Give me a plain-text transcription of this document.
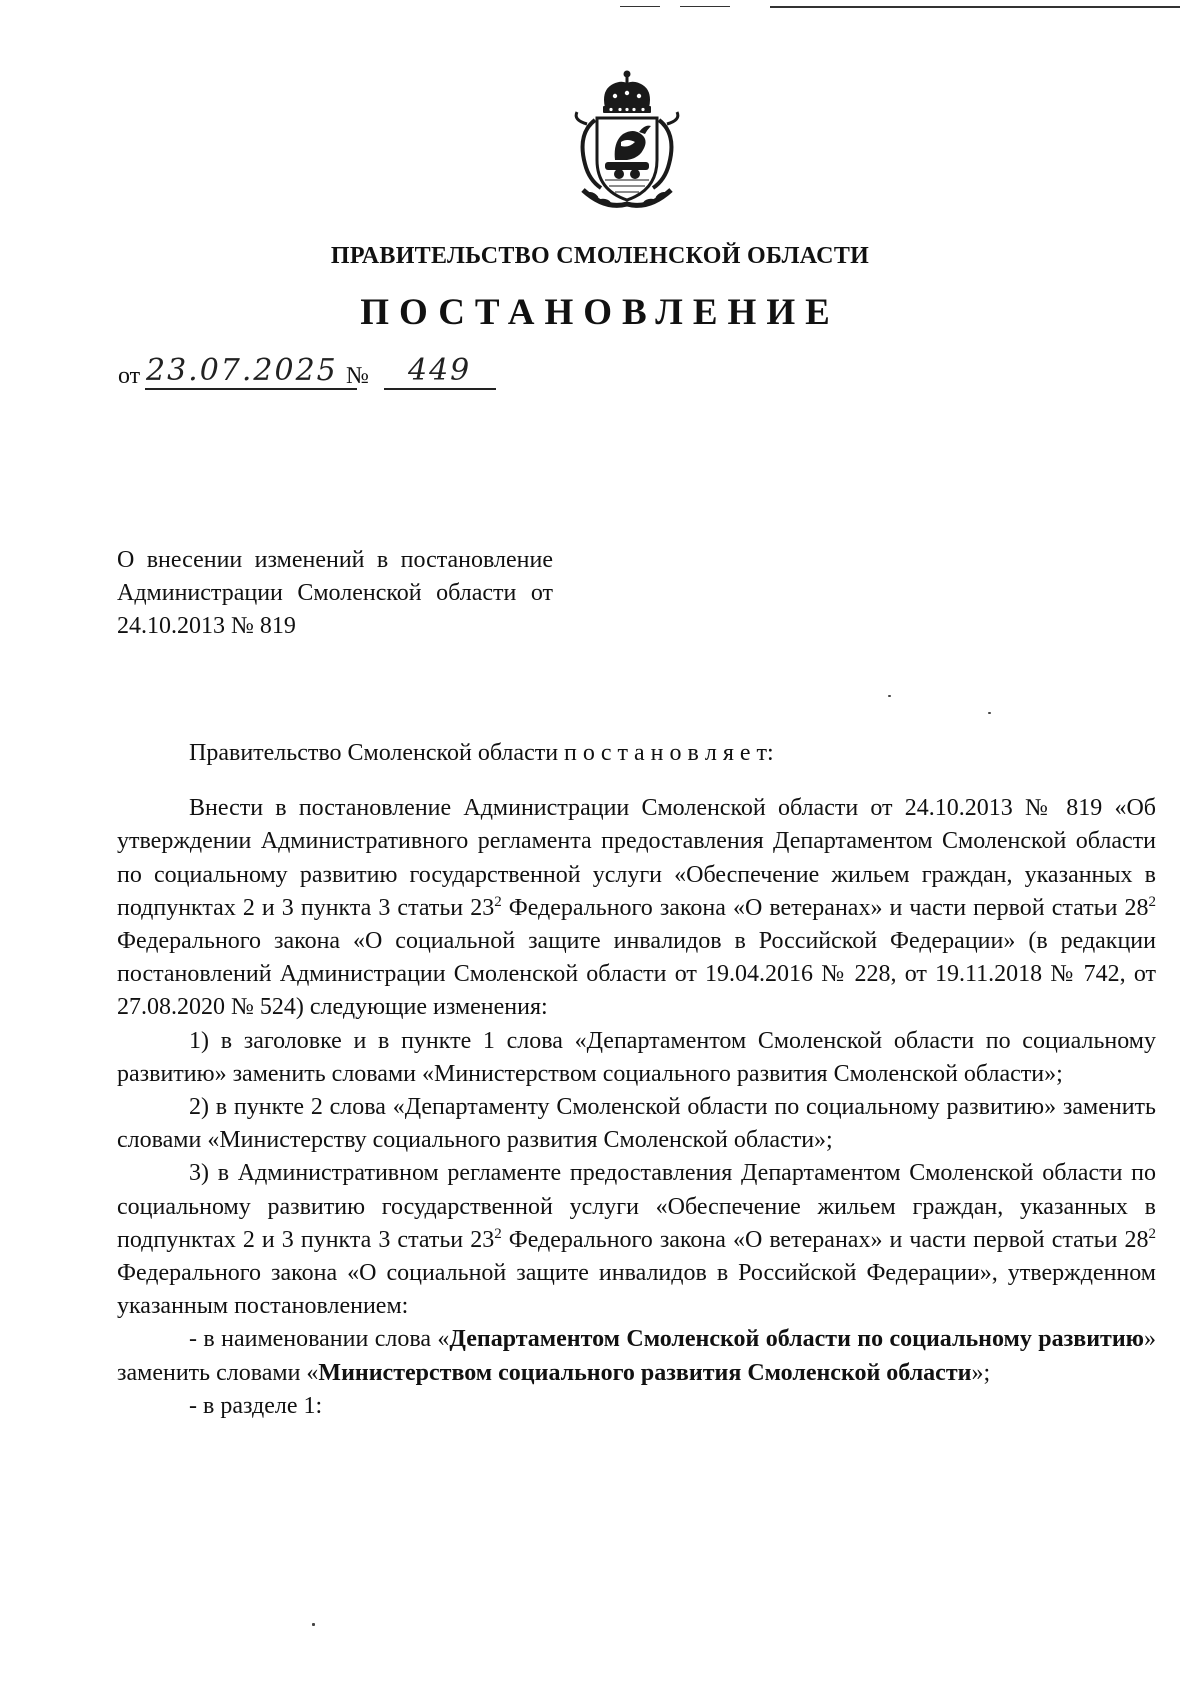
ПРАВИТЕЛЬСТВО СМОЛЕНСКОЙ ОБЛАСТИ
ПОСТАНОВЛЕНИЕ
от 23.07.2025 № 449
О внесении изменений в постановление Администрации Смоленской области от 24.10.2013 № 819

Правительство Смоленской области п о с т а н о в л я е т:

Внести в постановление Администрации Смоленской области от 24.10.2013 № 819 «Об утверждении Административного регламента предоставления Департаментом Смоленской области по социальному развитию государственной услуги «Обеспечение жильем граждан, указанных в подпунктах 2 и 3 пункта 3 статьи $23^2$ Федерального закона «О ветеранах» и части первой статьи $28^2$ Федерального закона «О социальной защите инвалидов в Российской Федерации» (в редакции постановлений Администрации Смоленской области от 19.04.2016 № 228, от 19.11.2018 № 742, от 27.08.2020 № 524) следующие изменения:

1) в заголовке и в пункте 1 слова «Департаментом Смоленской области по социальному развитию» заменить словами «Министерством социального развития Смоленской области»;

2) в пункте 2 слова «Департаменту Смоленской области по социальному развитию» заменить словами «Министерству социального развития Смоленской области»;

3) в Административном регламенте предоставления Департаментом Смоленской области по социальному развитию государственной услуги «Обеспечение жильем граждан, указанных в подпунктах 2 и 3 пункта 3 статьи $23^2$ Федерального закона «О ветеранах» и части первой статьи $28^2$ Федерального закона «О социальной защите инвалидов в Российской Федерации», утвержденном указанным постановлением:

- в наименовании слова «Департаментом Смоленской области по социальному развитию» заменить словами «Министерством социального развития Смоленской области»;

- в разделе 1:
